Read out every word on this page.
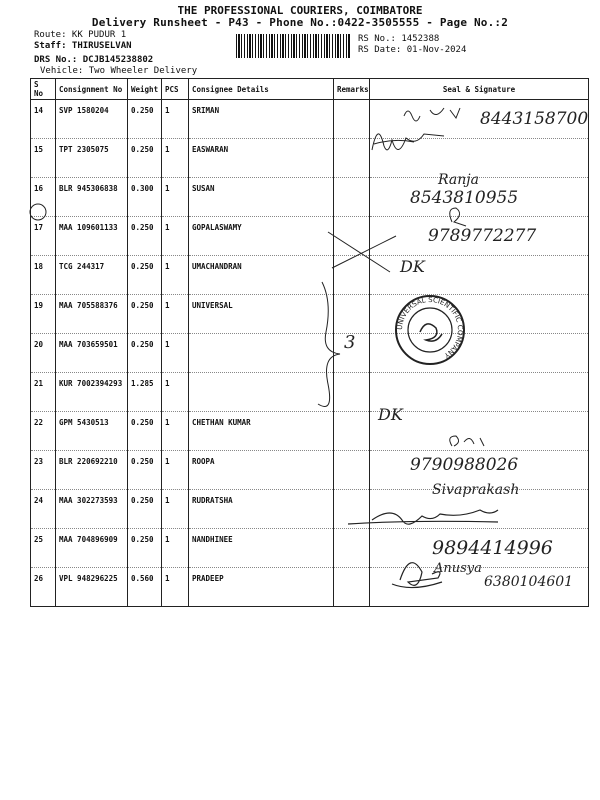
THE PROFESSIONAL COURIERS, COIMBATORE
Delivery Runsheet - P43 - Phone No.:0422-3505555 - Page No.:2
Route: KK PUDUR 1
Staff: THIRUSELVAN
DRS No.: DCJB145238802
Vehicle: Two Wheeler Delivery
RS No.: 1452388
RS Date: 01-Nov-2024
S No	Consignment No	Weight	PCS	Consignee Details	Remarks	Seal & Signature
14	SVP 1580204	0.250	1	SRIMAN		
15	TPT 2305075	0.250	1	EASWARAN		
16	BLR 945306838	0.300	1	SUSAN		
17	MAA 109601133	0.250	1	GOPALASWAMY		
18	TCG 244317	0.250	1	UMACHANDRAN		
19	MAA 705588376	0.250	1	UNIVERSAL		
20	MAA 703659501	0.250	1			
21	KUR 7002394293	1.285	1			
22	GPM 5430513	0.250	1	CHETHAN KUMAR		
23	BLR 220692210	0.250	1	ROOPA		
24	MAA 302273593	0.250	1	RUDRATSHA		
25	MAA 704896909	0.250	1	NANDHINEE		
26	VPL 948296225	0.560	1	PRADEEP		
8443158700
Ranja
8543810955
9789772277
DK
3
UNIVERSAL SCIENTIFIC COMPANY
DK
9790988026
Sivaprakash
9894414996
Anusya
6380104601
